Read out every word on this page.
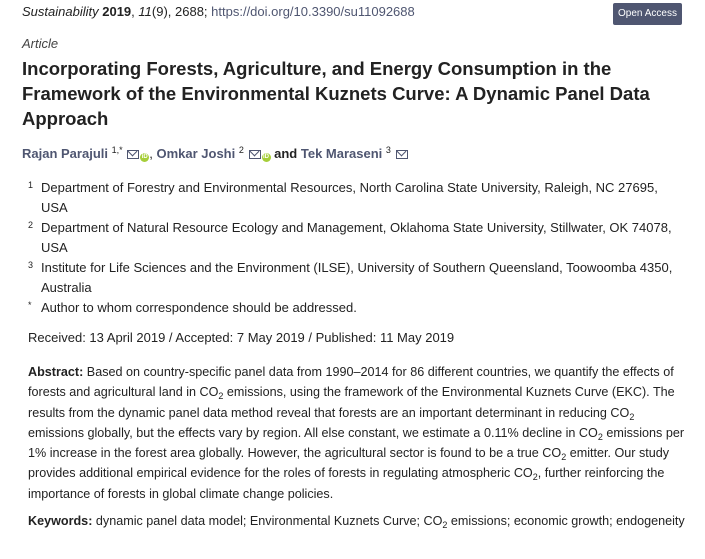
Sustainability 2019, 11(9), 2688; https://doi.org/10.3390/su11092688	Open Access
Article
Incorporating Forests, Agriculture, and Energy Consumption in the Framework of the Environmental Kuznets Curve: A Dynamic Panel Data Approach
Rajan Parajuli $^{1,*}$ iD , Omkar Joshi $^2$ iD and Tek Maraseni $^3$
1 Department of Forestry and Environmental Resources, North Carolina State University, Raleigh, NC 27695, USA
2 Department of Natural Resource Ecology and Management, Oklahoma State University, Stillwater, OK 74078, USA
3 Institute for Life Sciences and the Environment (ILSE), University of Southern Queensland, Toowoomba 4350, Australia
* Author to whom correspondence should be addressed.
Received: 13 April 2019 / Accepted: 7 May 2019 / Published: 11 May 2019

Abstract: Based on country-specific panel data from 1990–2014 for 86 different countries, we quantify the effects of forests and agricultural land in $CO_2$ emissions, using the framework of the Environmental Kuznets Curve (EKC). The results from the dynamic panel data method reveal that forests are an important determinant in reducing $CO_2$ emissions globally, but the effects vary by region. All else constant, we estimate a 0.11% decline in $CO_2$ emissions per 1% increase in the forest area globally. However, the agricultural sector is found to be a true $CO_2$ emitter. Our study provides additional empirical evidence for the roles of forests in regulating atmospheric $CO_2$, further reinforcing the importance of forests in global climate change policies.

Keywords: dynamic panel data model; Environmental Kuznets Curve; $CO_2$ emissions; economic growth; endogeneity
